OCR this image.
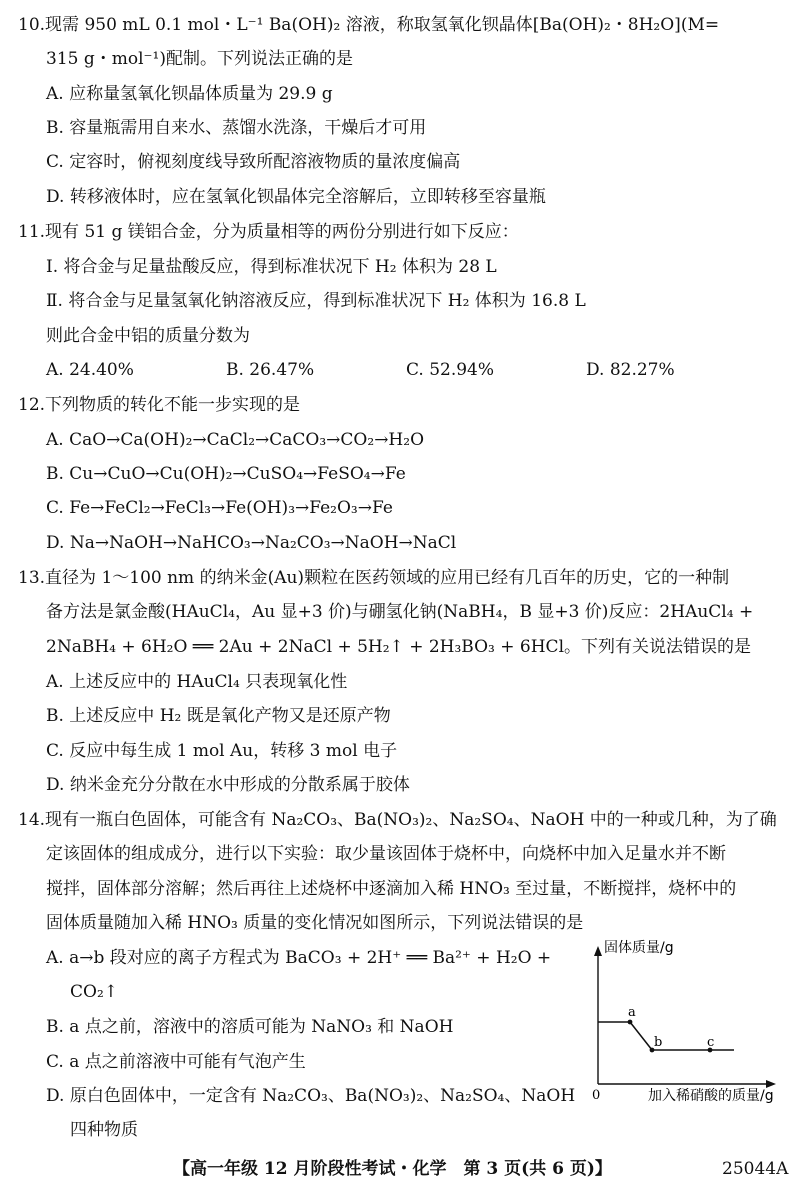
10.现需 950 mL 0.1 mol・L⁻¹ Ba(OH)₂ 溶液，称取氢氧化钡晶体[Ba(OH)₂・8H₂O](M=
315 g・mol⁻¹)配制。下列说法正确的是
A. 应称量氢氧化钡晶体质量为 29.9 g
B. 容量瓶需用自来水、蒸馏水洗涤，干燥后才可用
C. 定容时，俯视刻度线导致所配溶液物质的量浓度偏高
D. 转移液体时，应在氢氧化钡晶体完全溶解后，立即转移至容量瓶
11.现有 51 g 镁铝合金，分为质量相等的两份分别进行如下反应：
Ⅰ. 将合金与足量盐酸反应，得到标准状况下 H₂ 体积为 28 L
Ⅱ. 将合金与足量氢氧化钠溶液反应，得到标准状况下 H₂ 体积为 16.8 L
则此合金中铝的质量分数为
A. 24.40%	B. 26.47%	C. 52.94%	D. 82.27%
12.下列物质的转化不能一步实现的是
A. CaO→Ca(OH)₂→CaCl₂→CaCO₃→CO₂→H₂O
B. Cu→CuO→Cu(OH)₂→CuSO₄→FeSO₄→Fe
C. Fe→FeCl₂→FeCl₃→Fe(OH)₃→Fe₂O₃→Fe
D. Na→NaOH→NaHCO₃→Na₂CO₃→NaOH→NaCl
13.直径为 1～100 nm 的纳米金(Au)颗粒在医药领域的应用已经有几百年的历史，它的一种制
备方法是氯金酸(HAuCl₄，Au 显+3 价)与硼氢化钠(NaBH₄，B 显+3 价)反应：2HAuCl₄ +
2NaBH₄ + 6H₂O ══ 2Au + 2NaCl + 5H₂↑ + 2H₃BO₃ + 6HCl。下列有关说法错误的是
A. 上述反应中的 HAuCl₄ 只表现氧化性
B. 上述反应中 H₂ 既是氧化产物又是还原产物
C. 反应中每生成 1 mol Au，转移 3 mol 电子
D. 纳米金充分分散在水中形成的分散系属于胶体
14.现有一瓶白色固体，可能含有 Na₂CO₃、Ba(NO₃)₂、Na₂SO₄、NaOH 中的一种或几种，为了确
定该固体的组成成分，进行以下实验：取少量该固体于烧杯中，向烧杯中加入足量水并不断
搅拌，固体部分溶解；然后再往上述烧杯中逐滴加入稀 HNO₃ 至过量，不断搅拌，烧杯中的
固体质量随加入稀 HNO₃ 质量的变化情况如图所示，下列说法错误的是
A. a→b 段对应的离子方程式为 BaCO₃ + 2H⁺ ══ Ba²⁺ + H₂O +
CO₂↑
B. a 点之前，溶液中的溶质可能为 NaNO₃ 和 NaOH
C. a 点之前溶液中可能有气泡产生
D. 原白色固体中，一定含有 Na₂CO₃、Ba(NO₃)₂、Na₂SO₄、NaOH
四种物质
固体质量/g
a
b	c
0	加入稀硝酸的质量/g
【高一年级 12 月阶段性考试・化学　第 3 页(共 6 页)】	25044A
